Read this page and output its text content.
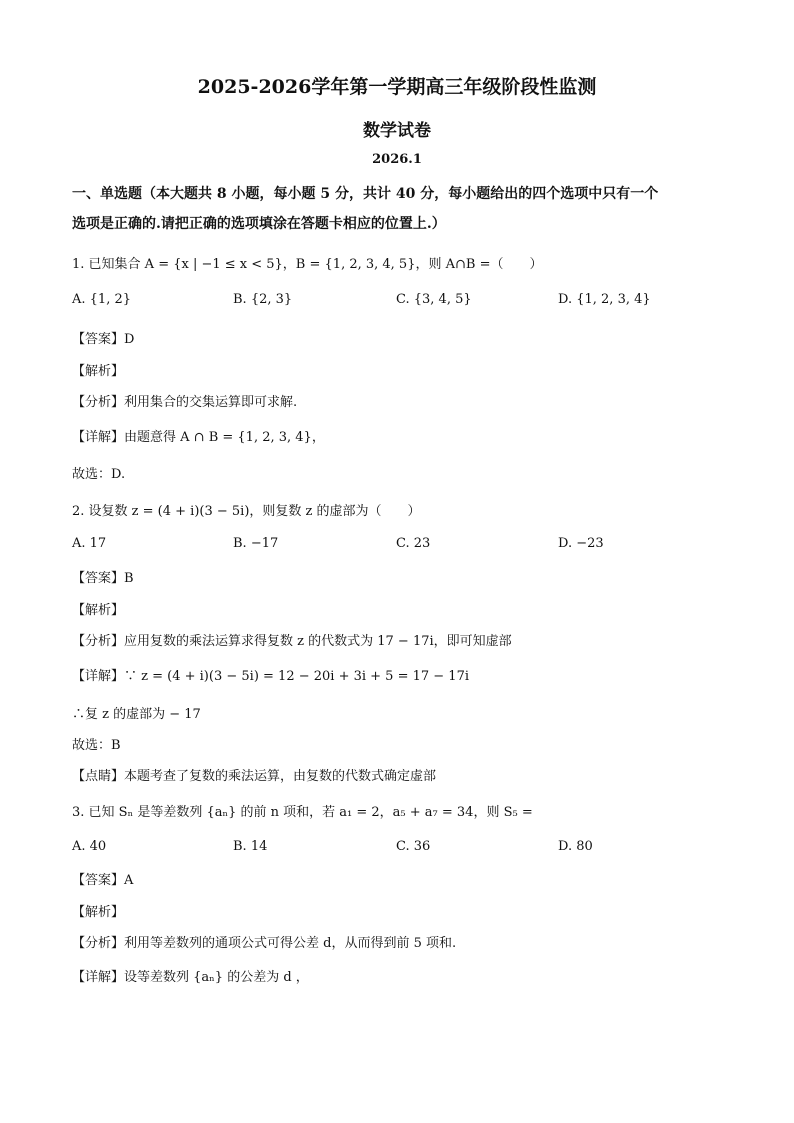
2025-2026学年第一学期高三年级阶段性监测
数学试卷
2026.1
一、单选题（本大题共 8 小题，每小题 5 分，共计 40 分，每小题给出的四个选项中只有一个
选项是正确的.请把正确的选项填涂在答题卡相应的位置上.）
1. 已知集合 A = {x | −1 ≤ x < 5}，B = {1, 2, 3, 4, 5}，则 A∩B =（　　）
A. {1, 2}	B. {2, 3}	C. {3, 4, 5}	D. {1, 2, 3, 4}
【答案】D
【解析】
【分析】利用集合的交集运算即可求解.
【详解】由题意得 A ∩ B = {1, 2, 3, 4}，
故选：D.
2. 设复数 z = (4 + i)(3 − 5i)，则复数 z 的虚部为（　　）
A. 17	B. −17	C. 23	D. −23
【答案】B
【解析】
【分析】应用复数的乘法运算求得复数 z 的代数式为 17 − 17i，即可知虚部
【详解】∵ z = (4 + i)(3 − 5i) = 12 − 20i + 3i + 5 = 17 − 17i
∴复 z 的虚部为 − 17
故选：B
【点睛】本题考查了复数的乘法运算，由复数的代数式确定虚部
3. 已知 Sₙ 是等差数列 {aₙ} 的前 n 项和，若 a₁ = 2，a₅ + a₇ = 34，则 S₅ =
A. 40	B. 14	C. 36	D. 80
【答案】A
【解析】
【分析】利用等差数列的通项公式可得公差 d，从而得到前 5 项和.
【详解】设等差数列 {aₙ} 的公差为 d ，
